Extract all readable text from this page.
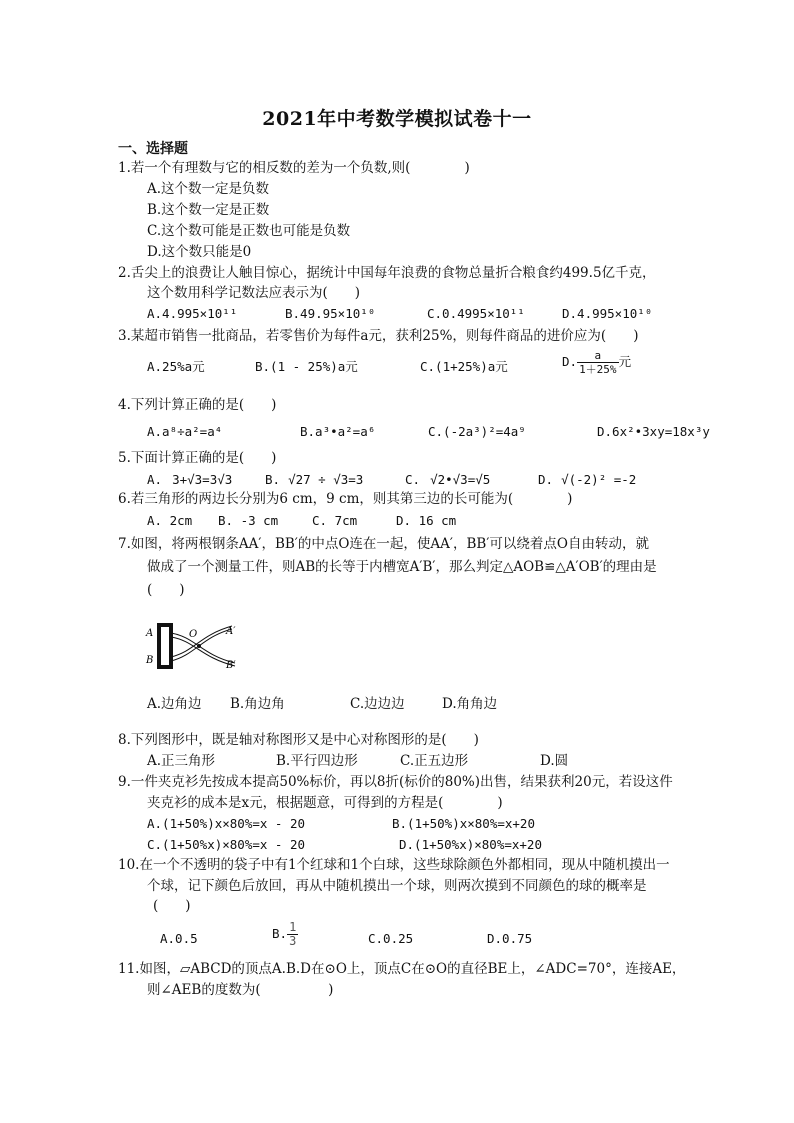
2021年中考数学模拟试卷十一
一、选择题
1.若一个有理数与它的相反数的差为一个负数,则(　　　　)
A.这个数一定是负数
B.这个数一定是正数
C.这个数可能是正数也可能是负数
D.这个数只能是0
2.舌尖上的浪费让人触目惊心，据统计中国每年浪费的食物总量折合粮食约499.5亿千克，
这个数用科学记数法应表示为(　　)
A.4.995×10¹¹	B.49.95×10¹⁰	C.0.4995×10¹¹	D.4.995×10¹⁰
3.某超市销售一批商品，若零售价为每件a元，获利25%，则每件商品的进价应为(　　)
A.25%a元	B.(1 - 25%)a元	C.(1+25%)a元	D. $\frac{a}{1+25\%}$ 元
4.下列计算正确的是(　　)
A.a⁸÷a²=a⁴	B.a³•a²=a⁶	C.(-2a³)²=4a⁹	D.6x²•3xy=18x³y
5.下面计算正确的是(　　)
A. 3+√3=3√3	B. √27 ÷ √3=3	C. √2•√3=√5	D. √(-2)² =-2
6.若三角形的两边长分别为6 cm，9 cm，则其第三边的长可能为(　　　　)
A. 2cm B. -3 cm	C. 7cm	D. 16 cm
7.如图，将两根钢条AA′，BB′的中点O连在一起，使AA′，BB′可以绕着点O自由转动，就
做成了一个测量工件，则AB的长等于内槽宽A′B′，那么判定△AOB≌△A′OB′的理由是
(　　)
A
B
O	A′
B′
A.边角边 B.角边角	C.边边边	D.角角边
8.下列图形中，既是轴对称图形又是中心对称图形的是(　　)
A.正三角形	B.平行四边形	C.正五边形	D.圆
9.一件夹克衫先按成本提高50%标价，再以8折(标价的80%)出售，结果获利20元，若设这件
夹克衫的成本是x元，根据题意，可得到的方程是(　　　　)
A.(1+50%)x×80%=x - 20	B.(1+50%)x×80%=x+20
C.(1+50%x)×80%=x - 20	D.(1+50%x)×80%=x+20
10.在一个不透明的袋子中有1个红球和1个白球，这些球除颜色外都相同，现从中随机摸出一
个球，记下颜色后放回，再从中随机摸出一个球，则两次摸到不同颜色的球的概率是
(　　)
A.0.5	B. $\frac{1}{3}$	C.0.25	D.0.75
11.如图，▱ABCD的顶点A.B.D在⊙O上，顶点C在⊙O的直径BE上，∠ADC=70°，连接AE，
则∠AEB的度数为(　　　　　)
